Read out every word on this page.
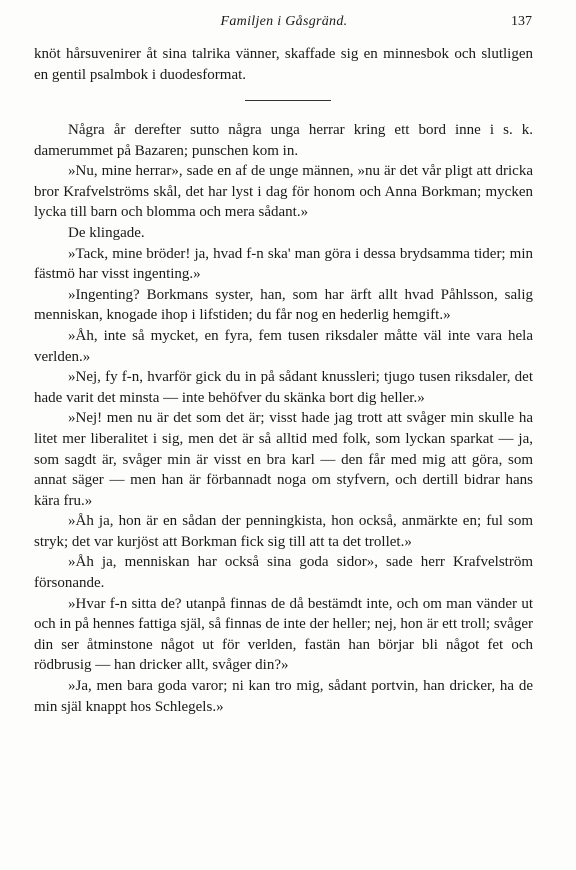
Familjen i Gåsgränd.	137

knöt hårsuvenirer åt sina talrika vänner, skaffade sig en minnesbok och slutligen en gentil psalmbok i duodesformat.

Några år derefter sutto några unga herrar kring ett bord inne i s. k. damerummet på Bazaren; punschen kom in.

»Nu, mine herrar», sade en af de unge männen, »nu är det vår pligt att dricka bror Krafvelströms skål, det har lyst i dag för honom och Anna Borkman; mycken lycka till barn och blomma och mera sådant.»

De klingade.

»Tack, mine bröder! ja, hvad f-n ska' man göra i dessa brydsamma tider; min fästmö har visst ingenting.»

»Ingenting? Borkmans syster, han, som har ärft allt hvad Påhlsson, salig menniskan, knogade ihop i lifstiden; du får nog en hederlig hemgift.»

»Åh, inte så mycket, en fyra, fem tusen riksdaler måtte väl inte vara hela verlden.»

»Nej, fy f-n, hvarför gick du in på sådant knussleri; tjugo tusen riksdaler, det hade varit det minsta — inte behöfver du skänka bort dig heller.»

»Nej! men nu är det som det är; visst hade jag trott att svåger min skulle ha litet mer liberalitet i sig, men det är så alltid med folk, som lyckan sparkat — ja, som sagdt är, svåger min är visst en bra karl — den får med mig att göra, som annat säger — men han är förbannadt noga om styfvern, och dertill bidrar hans kära fru.»

»Åh ja, hon är en sådan der penningkista, hon också, anmärkte en; ful som stryk; det var kurjöst att Borkman fick sig till att ta det trollet.»

»Åh ja, menniskan har också sina goda sidor», sade herr Krafvelström försonande.

»Hvar f-n sitta de? utanpå finnas de då bestämdt inte, och om man vänder ut och in på hennes fattiga själ, så finnas de inte der heller; nej, hon är ett troll; svåger din ser åtminstone något ut för verlden, fastän han börjar bli något fet och rödbrusig — han dricker allt, svåger din?»

»Ja, men bara goda varor; ni kan tro mig, sådant portvin, han dricker, ha de min själ knappt hos Schlegels.»
